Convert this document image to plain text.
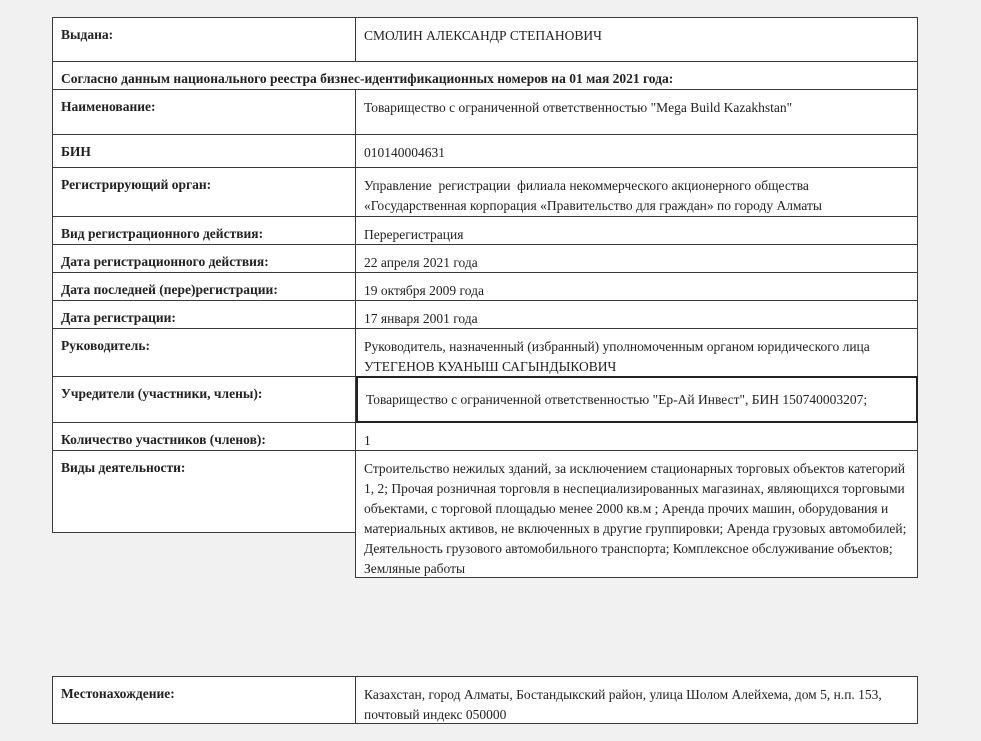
Выдана:	СМОЛИН АЛЕКСАНДР СТЕПАНОВИЧ
Согласно данным национального реестра бизнес-идентификационных номеров на 01 мая 2021 года:
Наименование:	Товарищество с ограниченной ответственностью "Mega Build Kazakhstan"
БИН	010140004631
Регистрирующий орган:	Управление  регистрации  филиала некоммерческого акционерного общества
«Государственная корпорация «Правительство для граждан» по городу Алматы
Вид регистрационного действия:	Перерегистрация
Дата регистрационного действия:	22 апреля 2021 года
Дата последней (пере)регистрации:	19 октября 2009 года
Дата регистрации:	17 января 2001 года
Руководитель:	Руководитель, назначенный (избранный) уполномоченным органом юридического лица
УТЕГЕНОВ КУАНЫШ САГЫНДЫКОВИЧ
Учредители (участники, члены):	Товарищество с ограниченной ответственностью "Ер-Ай Инвест", БИН 150740003207;
Количество участников (членов):	1
Виды деятельности:	Строительство нежилых зданий, за исключением стационарных торговых объектов категорий 1, 2; Прочая розничная торговля в неспециализированных магазинах, являющихся торговыми объектами, с торговой площадью менее 2000 кв.м ; Аренда прочих машин, оборудования и материальных активов, не включенных в другие группировки; Аренда грузовых автомобилей; Деятельность грузового автомобильного транспорта; Комплексное обслуживание объектов; Земляные работы
Местонахождение:	Казахстан, город Алматы, Бостандыкский район, улица Шолом Алейхема, дом 5, н.п. 153, почтовый индекс 050000
